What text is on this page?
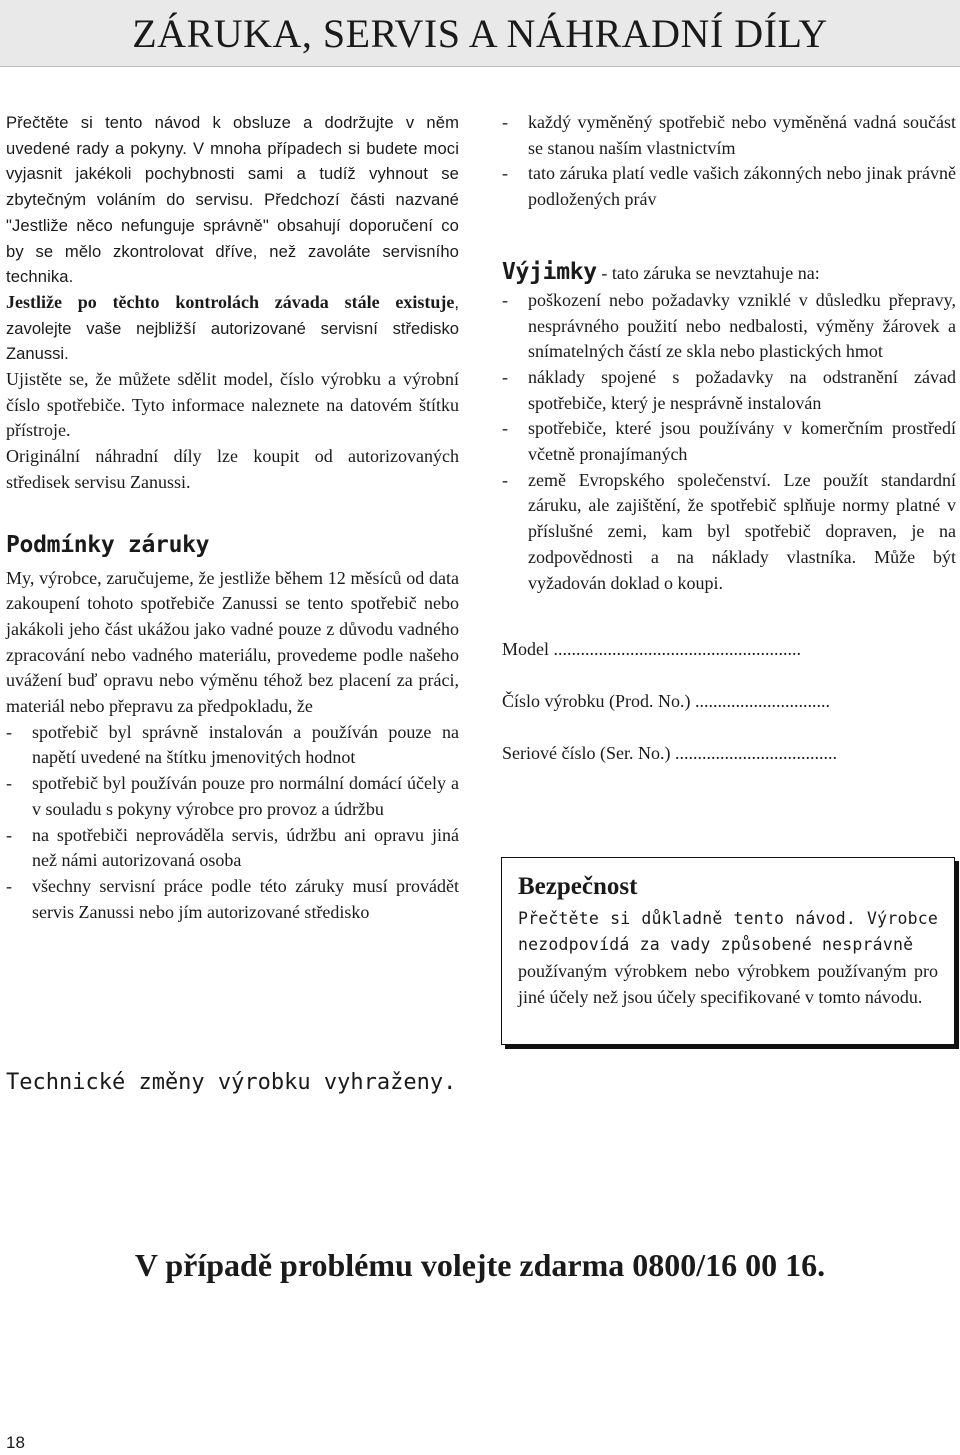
ZÁRUKA, SERVIS A NÁHRADNÍ DÍLY

Přečtěte si tento návod k obsluze a dodržujte v něm uvedené rady a pokyny. V mnoha případech si budete moci vyjasnit jakékoli pochybnosti sami a tudíž vyhnout se zbytečným voláním do servisu. Předchozí části nazvané "Jestliže něco nefunguje správně" obsahují doporučení co by se mělo zkontrolovat dříve, než zavoláte servisního technika.

Jestliže po těchto kontrolách závada stále existuje, zavolejte vaše nejbližší autorizované servisní středisko Zanussi.

Ujistěte se, že můžete sdělit model, číslo výrobku a výrobní číslo spotřebiče. Tyto informace naleznete na datovém štítku přístroje.

Originální náhradní díly lze koupit od autorizovaných středisek servisu Zanussi.

Podmínky záruky

My, výrobce, zaručujeme, že jestliže během 12 měsíců od data zakoupení tohoto spotřebiče Zanussi se tento spotřebič nebo jakákoli jeho část ukážou jako vadné pouze z důvodu vadného zpracování nebo vadného materiálu, provedeme podle našeho uvážení buď opravu nebo výměnu téhož bez placení za práci, materiál nebo přepravu za předpokladu, že

- spotřebič byl správně instalován a používán pouze na napětí uvedené na štítku jmenovitých hodnot
- spotřebič byl používán pouze pro normální domácí účely a v souladu s pokyny výrobce pro provoz a údržbu
- na spotřebiči neprováděla servis, údržbu ani opravu jiná než námi autorizovaná osoba
- všechny servisní práce podle této záruky musí provádět servis Zanussi nebo jím autorizované středisko
- každý vyměněný spotřebič nebo vyměněná vadná součást se stanou naším vlastnictvím
- tato záruka platí vedle vašich zákonných nebo jinak právně podložených práv

Výjimky - tato záruka se nevztahuje na:

- poškození nebo požadavky vzniklé v důsledku přepravy, nesprávného použití nebo nedbalosti, výměny žárovek a snímatelných částí ze skla nebo plastických hmot
- náklady spojené s požadavky na odstranění závad spotřebiče, který je nesprávně instalován
- spotřebiče, které jsou používány v komerčním prostředí včetně pronajímaných
- země Evropského společenství. Lze použít standardní záruku, ale zajištění, že spotřebič splňuje normy platné v příslušné zemi, kam byl spotřebič dopraven, je na zodpovědnosti a na náklady vlastníka. Může být vyžadován doklad o koupi.

Model .......................................................

Číslo výrobku (Prod. No.) ..............................

Seriové číslo (Ser. No.) ....................................

Bezpečnost

Přečtěte si důkladně tento návod. Výrobce nezodpovídá za vady způsobené nesprávně

používaným výrobkem nebo výrobkem používaným pro jiné účely než jsou účely specifikované v tomto návodu.

Technické změny výrobku vyhraženy.

V případě problému volejte zdarma 0800/16 00 16.

18
